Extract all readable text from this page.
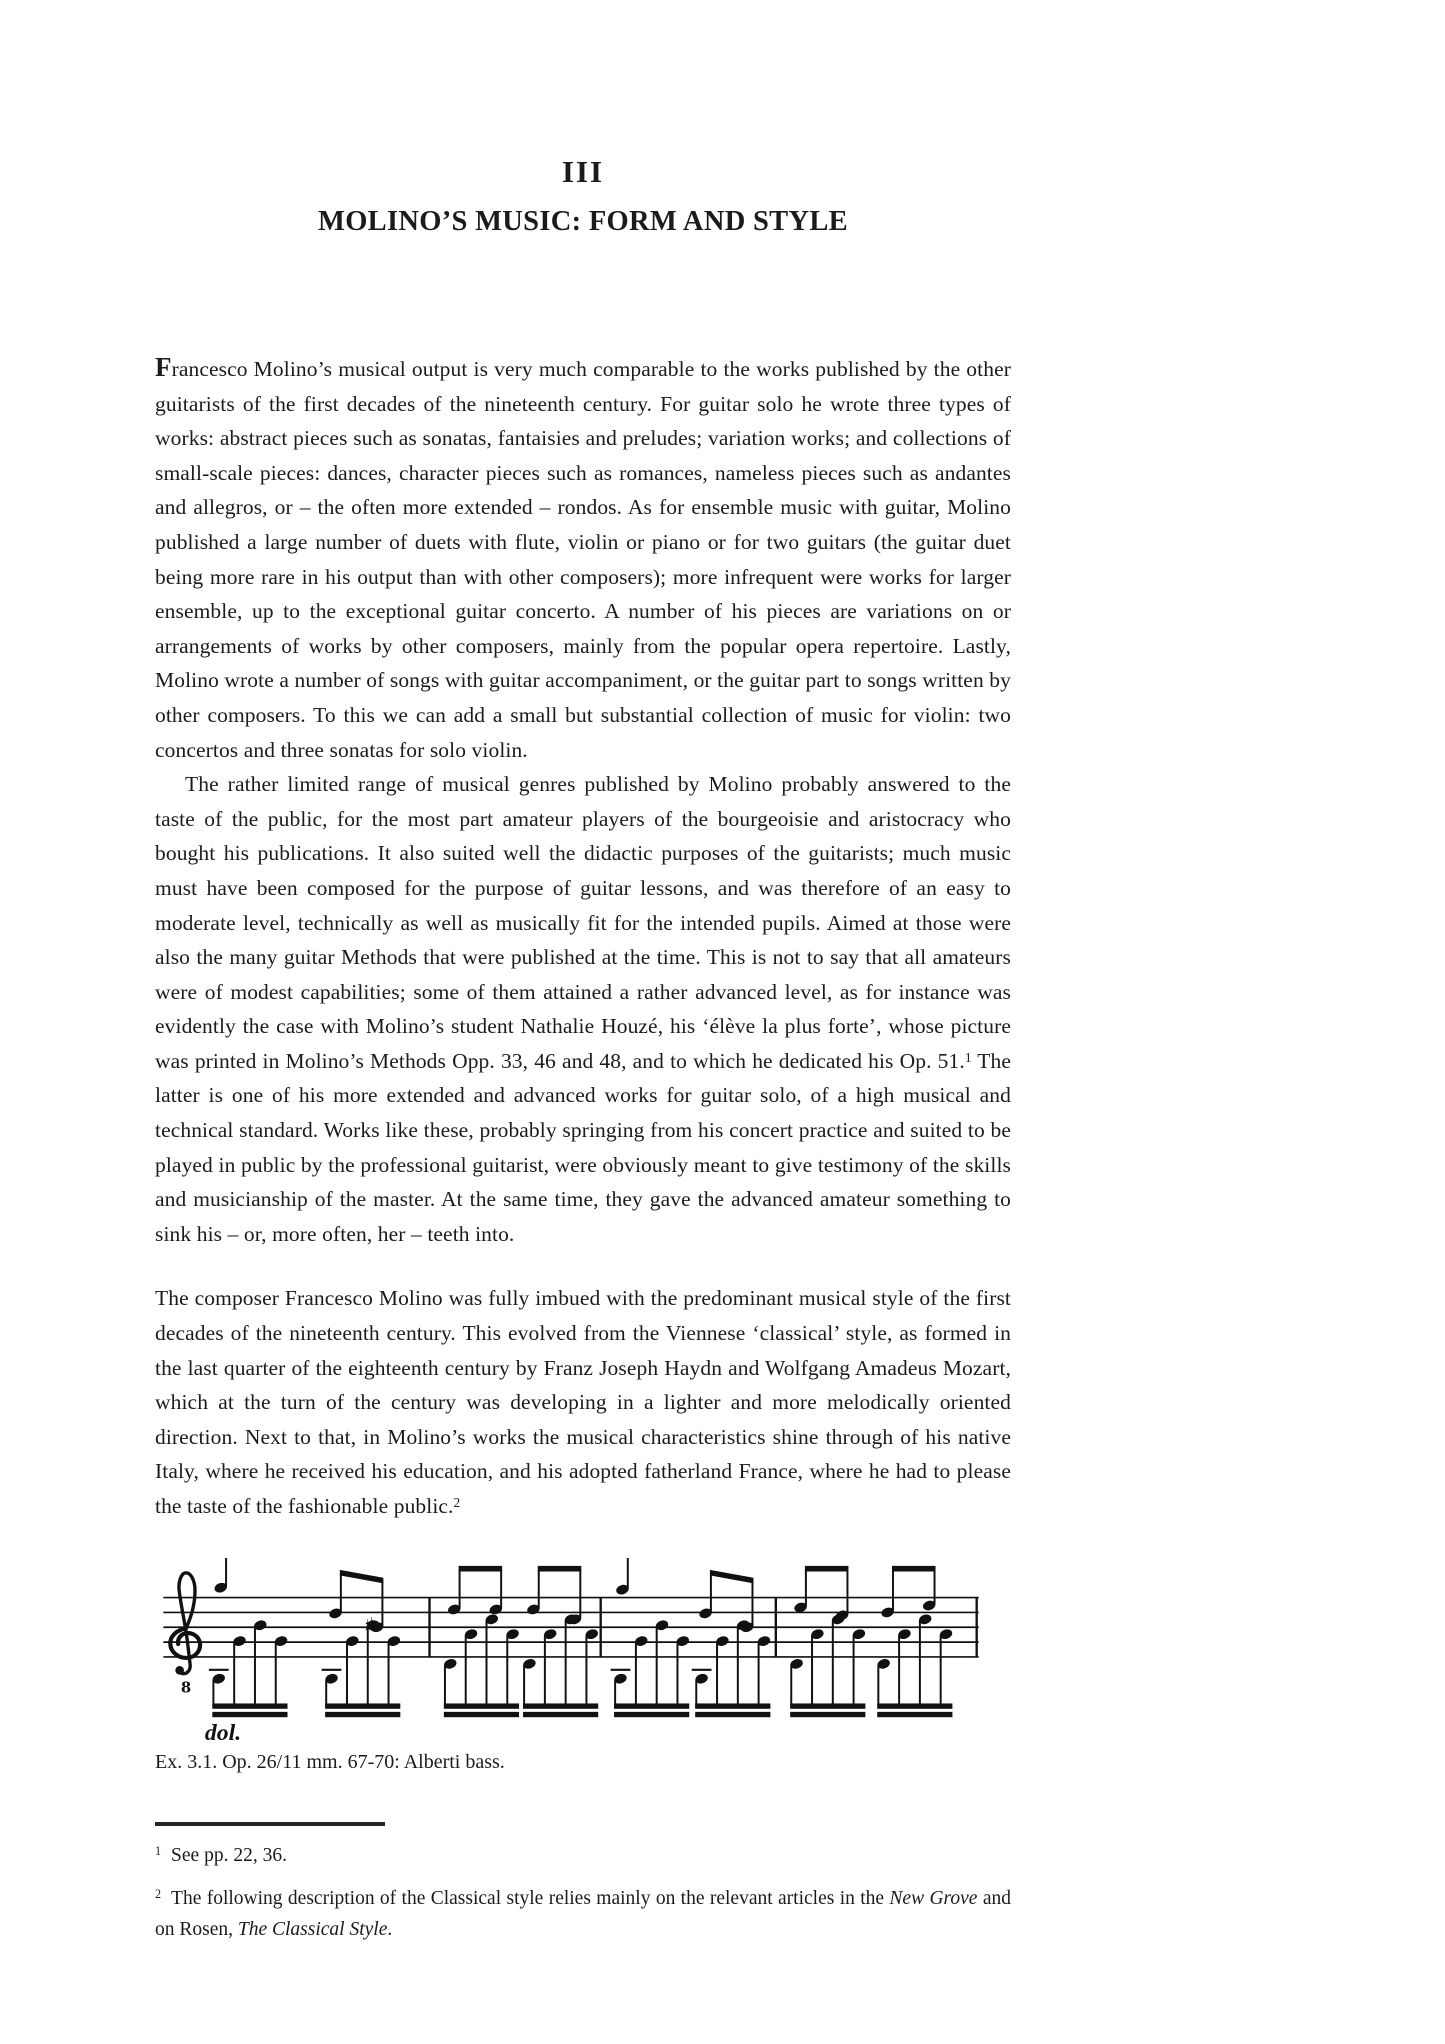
III
MOLINO’S MUSIC: FORM AND STYLE

Francesco Molino’s musical output is very much comparable to the works published by the other guitarists of the first decades of the nineteenth century. For guitar solo he wrote three types of works: abstract pieces such as sonatas, fantaisies and preludes; variation works; and collections of small-scale pieces: dances, character pieces such as romances, nameless pieces such as andantes and allegros, or – the often more extended – rondos. As for ensemble music with guitar, Molino published a large number of duets with flute, violin or piano or for two guitars (the guitar duet being more rare in his output than with other composers); more infrequent were works for larger ensemble, up to the exceptional guitar concerto. A number of his pieces are variations on or arrangements of works by other composers, mainly from the popular opera repertoire. Lastly, Molino wrote a number of songs with guitar accompaniment, or the guitar part to songs written by other composers. To this we can add a small but substantial collection of music for violin: two concertos and three sonatas for solo violin.

The rather limited range of musical genres published by Molino probably answered to the taste of the public, for the most part amateur players of the bourgeoisie and aristocracy who bought his publications. It also suited well the didactic purposes of the guitarists; much music must have been composed for the purpose of guitar lessons, and was therefore of an easy to moderate level, technically as well as musically fit for the intended pupils. Aimed at those were also the many guitar Methods that were published at the time. This is not to say that all amateurs were of modest capabilities; some of them attained a rather advanced level, as for instance was evidently the case with Molino’s student Nathalie Houzé, his ‘élève la plus forte’, whose picture was printed in Molino’s Methods Opp. 33, 46 and 48, and to which he dedicated his Op. 51.$^1$ The latter is one of his more extended and advanced works for guitar solo, of a high musical and technical standard. Works like these, probably springing from his concert practice and suited to be played in public by the professional guitarist, were obviously meant to give testimony of the skills and musicianship of the master. At the same time, they gave the advanced amateur something to sink his – or, more often, her – teeth into.

The composer Francesco Molino was fully imbued with the predominant musical style of the first decades of the nineteenth century. This evolved from the Viennese ‘classical’ style, as formed in the last quarter of the eighteenth century by Franz Joseph Haydn and Wolfgang Amadeus Mozart, which at the turn of the century was developing in a lighter and more melodically oriented direction. Next to that, in Molino’s works the musical characteristics shine through of his native Italy, where he received his education, and his adopted fatherland France, where he had to please the taste of the fashionable public.$^2$

8
♯
dol.
Ex. 3.1. Op. 26/11 mm. 67-70: Alberti bass.
$^1$ See pp. 22, 36.
$^2$ The following description of the Classical style relies mainly on the relevant articles in the New Grove and on Rosen, The Classical Style.
